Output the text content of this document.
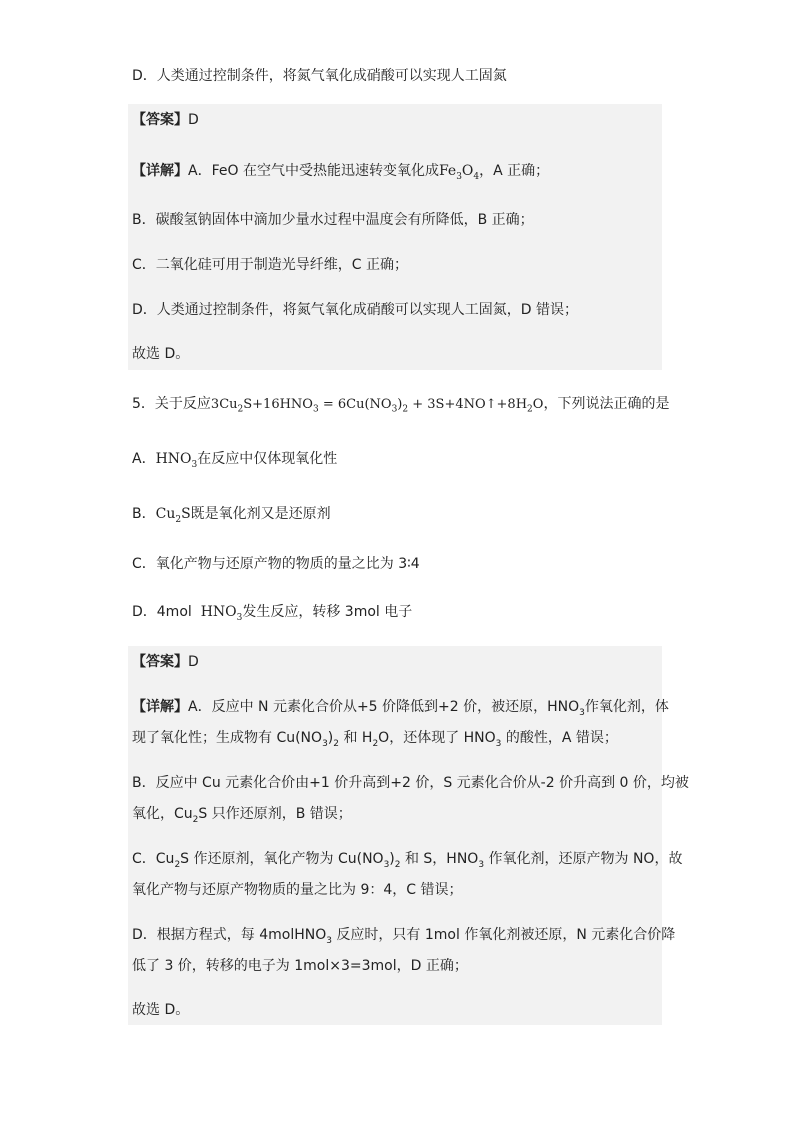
D．人类通过控制条件，将氮气氧化成硝酸可以实现人工固氮
【答案】D
【详解】A．FeO 在空气中受热能迅速转变氧化成$Fe_3O_4$，A 正确；
B．碳酸氢钠固体中滴加少量水过程中温度会有所降低，B 正确；
C．二氧化硅可用于制造光导纤维，C 正确；
D．人类通过控制条件，将氮气氧化成硝酸可以实现人工固氮，D 错误；
故选 D。
5．关于反应$3Cu_2S+16HNO_3 = 6Cu(NO_3)_2$ + $3S+4NO↑+8H_2O$，下列说法正确的是
A．$HNO_3$在反应中仅体现氧化性
B．$Cu_2S$既是氧化剂又是还原剂
C．氧化产物与还原产物的物质的量之比为 3∶4
D．4mol $HNO_3$发生反应，转移 3mol 电子
【答案】D
【详解】A．反应中 N 元素化合价从+5 价降低到+2 价，被还原，$HNO_3$作氧化剂，体
现了氧化性；生成物有 $Cu(NO_3)_2$ 和 $H_2O$，还体现了 $HNO_3$ 的酸性，A 错误；
B．反应中 Cu 元素化合价由+1 价升高到+2 价，S 元素化合价从-2 价升高到 0 价，均被
氧化，$Cu_2S$ 只作还原剂，B 错误；
C．$Cu_2S$ 作还原剂，氧化产物为 $Cu(NO_3)_2$ 和 S，$HNO_3$ 作氧化剂，还原产物为 NO，故
氧化产物与还原产物物质的量之比为 9：4，C 错误；
D．根据方程式，每 4molHNO$_3$ 反应时，只有 1mol 作氧化剂被还原，N 元素化合价降
低了 3 价，转移的电子为 1mol×3=3mol，D 正确；
故选 D。
